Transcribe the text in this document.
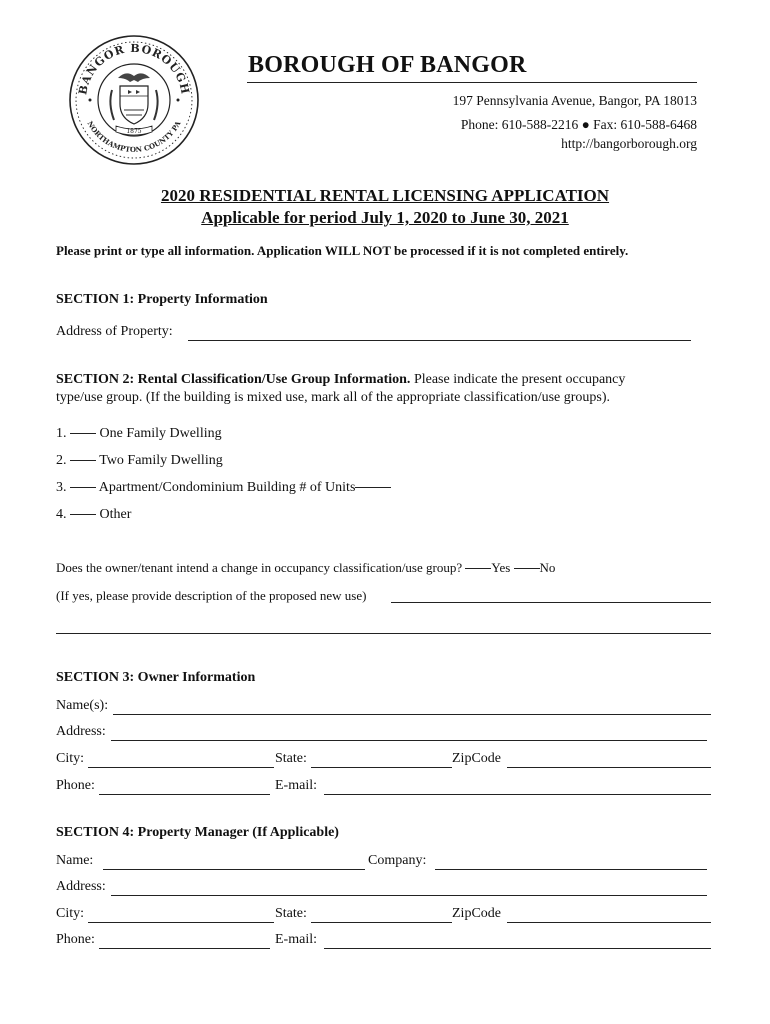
BANGOR BOROUGH
NORTHAMPTON COUNTY PA
1875
BOROUGH OF BANGOR
197 Pennsylvania Avenue, Bangor, PA 18013
Phone: 610-588-2216 ● Fax: 610-588-6468
http://bangorborough.org
2020 RESIDENTIAL RENTAL LICENSING APPLICATION
Applicable for period July 1, 2020 to June 30, 2021
Please print or type all information. Application WILL NOT be processed if it is not completed entirely.
SECTION 1: Property Information
Address of Property:
SECTION 2: Rental Classification/Use Group Information. Please indicate the present occupancy
type/use group. (If the building is mixed use, mark all of the appropriate classification/use groups).
1. One Family Dwelling
2. Two Family Dwelling
3. Apartment/Condominium Building # of Units
4. Other
Does the owner/tenant intend a change in occupancy classification/use group? Yes No
(If yes, please provide description of the proposed new use)
SECTION 3: Owner Information
Name(s):
Address:
City:	State:	ZipCode
Phone:	E-mail:
SECTION 4: Property Manager (If Applicable)
Name:	Company:
Address:
City:	State:	ZipCode
Phone:	E-mail:
